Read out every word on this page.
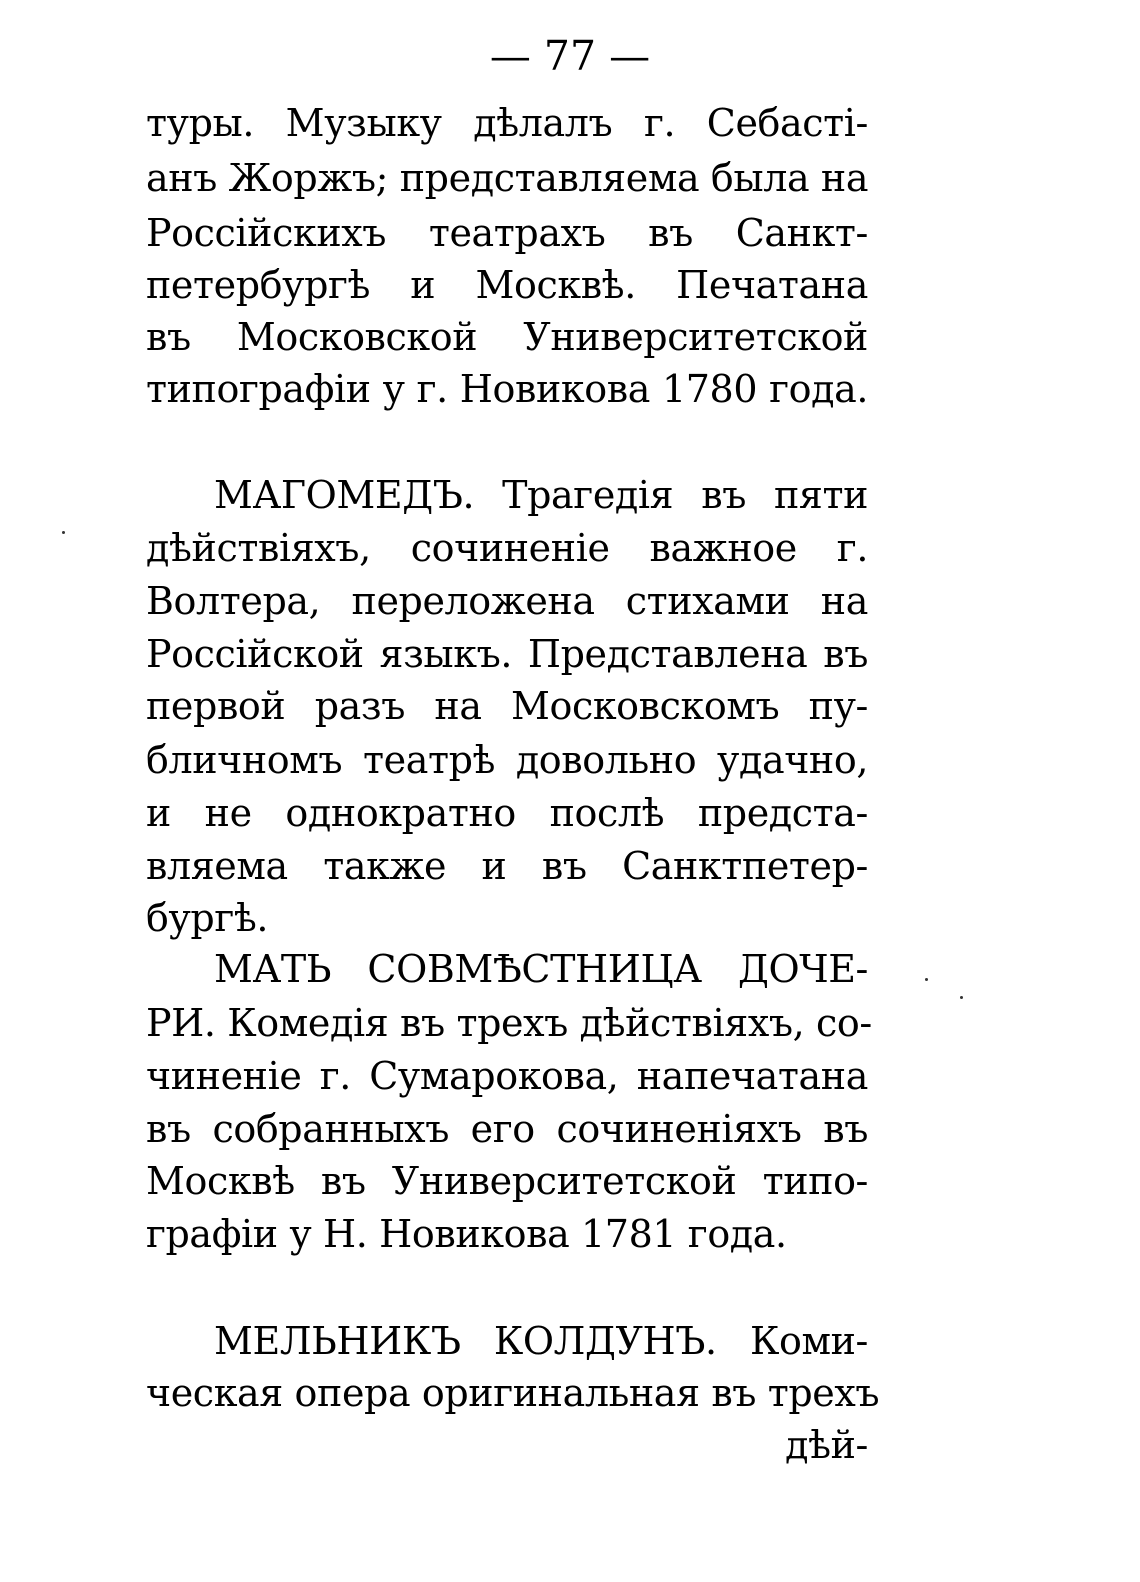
— 77 —
туры. Музыку дѣлалъ г. Себасті-
анъ Жоржъ; представляема была на
Россійскихъ театрахъ въ Санкт-
петербургѣ и Москвѣ. Печатана
въ Московской Университетской
типографіи у г. Новикова 1780 года.
МАГОМЕДЪ. Трагедія въ пяти
дѣйствіяхъ, сочиненіе важное г.
Волтера, переложена стихами на
Россійской языкъ. Представлена въ
первой разъ на Московскомъ пу-
бличномъ театрѣ довольно удачно,
и не однократно послѣ предста-
вляема также и въ Санктпетер-
бургѣ.
МАТЬ СОВМѢСТНИЦА ДОЧЕ-
РИ. Комедія въ трехъ дѣйствіяхъ, со-
чиненіе г. Сумарокова, напечатана
въ собранныхъ его сочиненіяхъ въ
Москвѣ въ Университетской типо-
графіи у Н. Новикова 1781 года.
МЕЛЬНИКЪ КОЛДУНЪ. Коми-
ческая опера оригинальная въ трехъ
дѣй-
